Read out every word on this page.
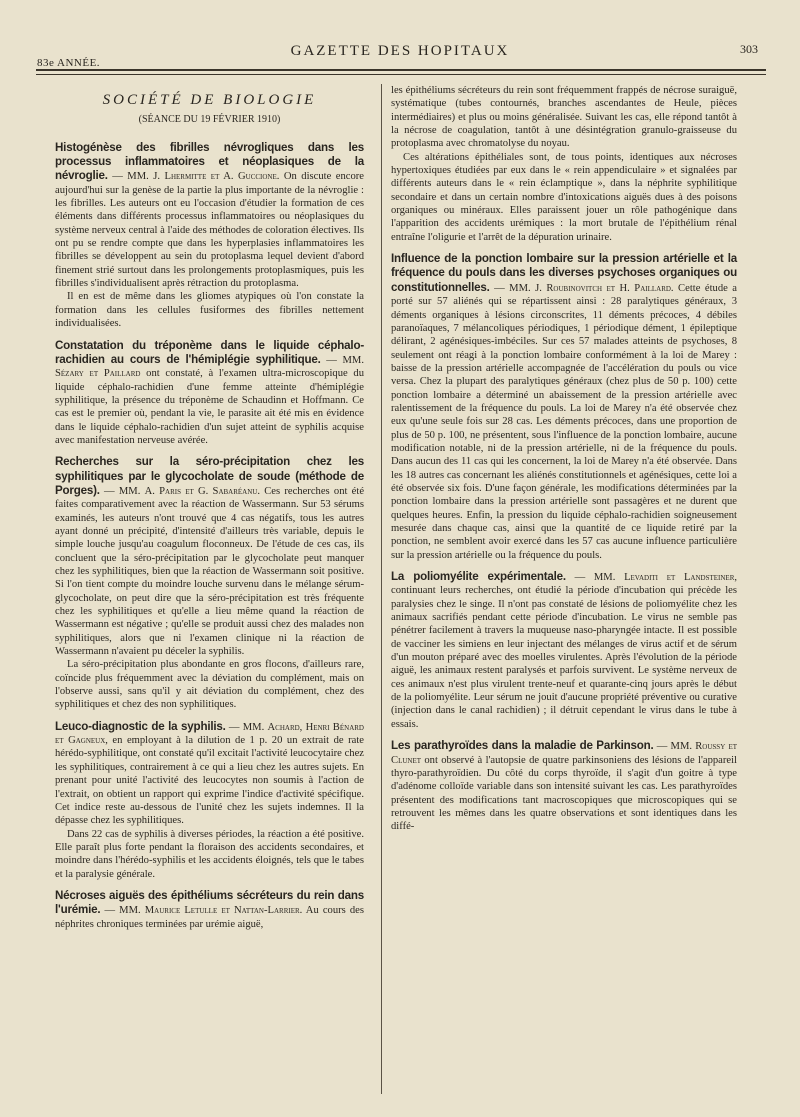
83e ANNÉE.
GAZETTE DES HOPITAUX	303
SOCIÉTÉ DE BIOLOGIE
(SÉANCE DU 19 FÉVRIER 1910)

Histogénèse des fibrilles névrogliques dans les processus inflammatoires et néoplasiques de la névroglie. — MM. J. Lhermitte et A. Guccione. On discute encore aujourd'hui sur la genèse de la partie la plus importante de la névroglie : les fibrilles. Les auteurs ont eu l'occasion d'étudier la formation de ces éléments dans différents processus inflammatoires ou néoplasiques du système nerveux central à l'aide des méthodes de coloration électives. Ils ont pu se rendre compte que dans les hyperplasies inflammatoires les fibrilles se développent au sein du protoplasma lequel devient d'abord finement strié surtout dans les prolongements protoplasmiques, puis les fibrilles s'individualisent après rétraction du protoplasma.

Il en est de même dans les gliomes atypiques où l'on constate la formation dans les cellules fusiformes des fibrilles nettement individualisées.

Constatation du tréponème dans le liquide céphalo-rachidien au cours de l'hémiplégie syphilitique. — MM. Sézary et Paillard ont constaté, à l'examen ultra-microscopique du liquide céphalo-rachidien d'une femme atteinte d'hémiplégie syphilitique, la présence du tréponème de Schaudinn et Hoffmann. Ce cas est le premier où, pendant la vie, le parasite ait été mis en évidence dans le liquide céphalo-rachidien d'un sujet atteint de syphilis acquise avec manifestation nerveuse avérée.

Recherches sur la séro-précipitation chez les syphilitiques par le glycocholate de soude (méthode de Porges). — MM. A. Paris et G. Sabaréanu. Ces recherches ont été faites comparativement avec la réaction de Wassermann. Sur 53 sérums examinés, les auteurs n'ont trouvé que 4 cas négatifs, tous les autres ayant donné un précipité, d'intensité d'ailleurs très variable, depuis le simple louche jusqu'au coagulum floconneux. De l'étude de ces cas, ils concluent que la séro-précipitation par le glycocholate peut manquer chez les syphilitiques, bien que la réaction de Wassermann soit positive. Si l'on tient compte du moindre louche survenu dans le mélange sérum-glycocholate, on peut dire que la séro-précipitation est très fréquente chez les syphilitiques et qu'elle a lieu même quand la réaction de Wassermann est négative ; qu'elle se produit aussi chez des malades non syphilitiques, alors que ni l'examen clinique ni la réaction de Wassermann n'avaient pu déceler la syphilis.

La séro-précipitation plus abondante en gros flocons, d'ailleurs rare, coïncide plus fréquemment avec la déviation du complément, mais on l'observe aussi, sans qu'il y ait déviation du complément, chez des syphilitiques et chez des non syphilitiques.

Leuco-diagnostic de la syphilis. — MM. Achard, Henri Bénard et Gagneux, en employant à la dilution de 1 p. 20 un extrait de rate hérédo-syphilitique, ont constaté qu'il excitait l'activité leucocytaire chez les syphilitiques, contrairement à ce qui a lieu chez les autres sujets. En prenant pour unité l'activité des leucocytes non soumis à l'action de l'extrait, on obtient un rapport qui exprime l'indice d'activité spécifique. Cet indice reste au-dessous de l'unité chez les sujets indemnes. Il la dépasse chez les syphilitiques.

Dans 22 cas de syphilis à diverses périodes, la réaction a été positive. Elle paraît plus forte pendant la floraison des accidents secondaires, et moindre dans l'hérédo-syphilis et les accidents éloignés, tels que le tabes et la paralysie générale.

Nécroses aiguës des épithéliums sécréteurs du rein dans l'urémie. — MM. Maurice Letulle et Nattan-Larrier. Au cours des néphrites chroniques terminées par urémie aiguë,

les épithéliums sécréteurs du rein sont fréquemment frappés de nécrose suraiguë, systématique (tubes contournés, branches ascendantes de Heule, pièces intermédiaires) et plus ou moins généralisée. Suivant les cas, elle répond tantôt à la nécrose de coagulation, tantôt à une désintégration granulo-graisseuse du protoplasma avec chromatolyse du noyau.

Ces altérations épithéliales sont, de tous points, identiques aux nécroses hypertoxiques étudiées par eux dans le « rein appendiculaire » et signalées par différents auteurs dans le « rein éclamptique », dans la néphrite syphilitique secondaire et dans un certain nombre d'intoxications aiguës dues à des poisons organiques ou minéraux. Elles paraissent jouer un rôle pathogénique dans l'apparition des accidents urémiques : la mort brutale de l'épithélium rénal entraîne l'oligurie et l'arrêt de la dépuration urinaire.

Influence de la ponction lombaire sur la pression artérielle et la fréquence du pouls dans les diverses psychoses organiques ou constitutionnelles. — MM. J. Roubinovitch et H. Paillard. Cette étude a porté sur 57 aliénés qui se répartissent ainsi : 28 paralytiques généraux, 3 déments organiques à lésions circonscrites, 11 déments précoces, 4 débiles paranoïaques, 7 mélancoliques périodiques, 1 périodique dément, 1 épileptique délirant, 2 agénésiques-imbéciles. Sur ces 57 malades atteints de psychoses, 8 seulement ont réagi à la ponction lombaire conformément à la loi de Marey : baisse de la pression artérielle accompagnée de l'accélération du pouls ou vice versa. Chez la plupart des paralytiques généraux (chez plus de 50 p. 100) cette ponction lombaire a déterminé un abaissement de la pression artérielle avec ralentissement de la fréquence du pouls. La loi de Marey n'a été observée chez eux qu'une seule fois sur 28 cas. Les déments précoces, dans une proportion de plus de 50 p. 100, ne présentent, sous l'influence de la ponction lombaire, aucune modification notable, ni de la pression artérielle, ni de la fréquence du pouls. Dans aucun des 11 cas qui les concernent, la loi de Marey n'a été observée. Dans les 18 autres cas concernant les aliénés constitutionnels et agénésiques, cette loi a été observée six fois. D'une façon générale, les modifications déterminées par la ponction lombaire dans la pression artérielle sont passagères et ne durent que quelques heures. Enfin, la pression du liquide céphalo-rachidien soigneusement mesurée dans chaque cas, ainsi que la quantité de ce liquide retiré par la ponction, ne semblent avoir exercé dans les 57 cas aucune influence particulière sur la pression artérielle ou la fréquence du pouls.

La poliomyélite expérimentale. — MM. Levaditi et Landsteiner, continuant leurs recherches, ont étudié la période d'incubation qui précède les paralysies chez le singe. Il n'ont pas constaté de lésions de poliomyélite chez les animaux sacrifiés pendant cette période d'incubation. Le virus ne semble pas pénétrer facilement à travers la muqueuse naso-pharyngée intacte. Il est possible de vacciner les simiens en leur injectant des mélanges de virus actif et de sérum d'un mouton préparé avec des moelles virulentes. Après l'évolution de la période aiguë, les animaux restent paralysés et parfois survivent. Le système nerveux de ces animaux n'est plus virulent trente-neuf et quarante-cinq jours après le début de la poliomyélite. Leur sérum ne jouit d'aucune propriété préventive ou curative (injection dans le canal rachidien) ; il détruit cependant le virus dans le tube à essais.

Les parathyroïdes dans la maladie de Parkinson. — MM. Roussy et Clunet ont observé à l'autopsie de quatre parkinsoniens des lésions de l'appareil thyro-parathyroïdien. Du côté du corps thyroïde, il s'agit d'un goitre à type d'adénome colloïde variable dans son intensité suivant les cas. Les parathyroïdes présentent des modifications tant macroscopiques que microscopiques qui se retrouvent les mêmes dans les quatre observations et sont identiques dans les diffé-
